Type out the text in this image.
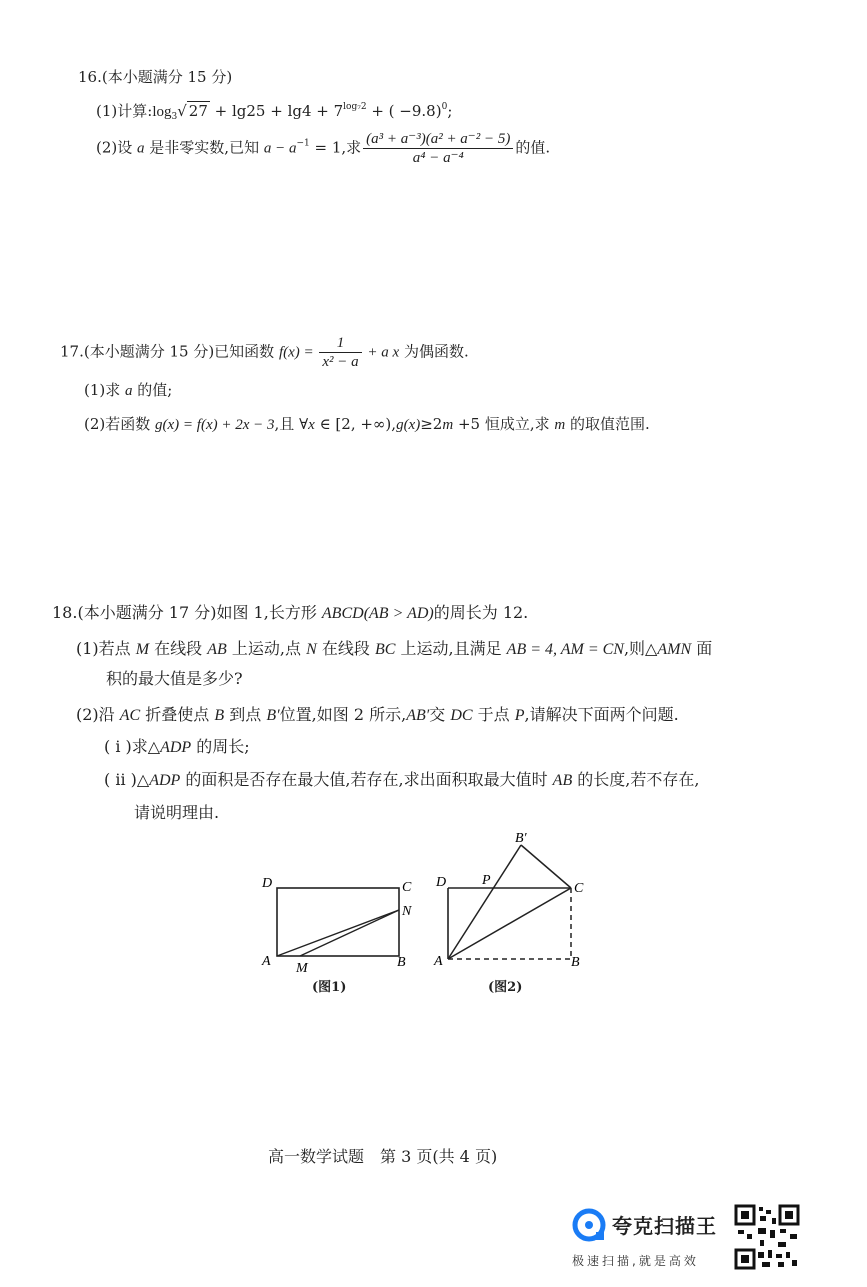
16.(本小题满分 15 分)
(1)计算$:\log_3√$ $27 + \lg 25 + \lg 4 + 7^{log_72}$ + ( −9.8)$^0$;
(2)设 a 是非零实数,已知 $a - a^{-1} = 1$,求 $\frac{\text{(a³ + a⁻³)(a² + a⁻² − 5)}}{\text{a⁴ − a⁻⁴}}$ 的值.
17.(本小题满分 15 分)已知函数 $f(x) = \frac{1}{\text{x² − a}} + a$ x 为偶函数.
(1)求 a 的值;
(2)若函数 g(x) = f(x) + 2x − 3,且 ∀x ∈ [2, +∞),g(x)≥2m +5 恒成立,求 m 的取值范围.
18.(本小题满分 17 分)如图 1,长方形 ABCD(AB > AD)的周长为 12.
(1)若点 M 在线段 AB 上运动,点 N 在线段 BC 上运动,且满足 AB = 4, AM = CN,则△AMN 面
积的最大值是多少?
(2)沿 AC 折叠使点 B 到点 B′位置,如图 2 所示,AB′交 DC 于点 P,请解决下面两个问题.
( ⅰ )求△ADP 的周长;
( ⅱ )△ADP 的面积是否存在最大值,若存在,求出面积取最大值时 AB 的长度,若不存在,
请说明理由.
D	C
N
A M	B
(图1)
B′
D	P
C
A	B
(图2)
高一数学试题　第 3 页(共 4 页)
夸克扫描王
极速扫描,就是高效
